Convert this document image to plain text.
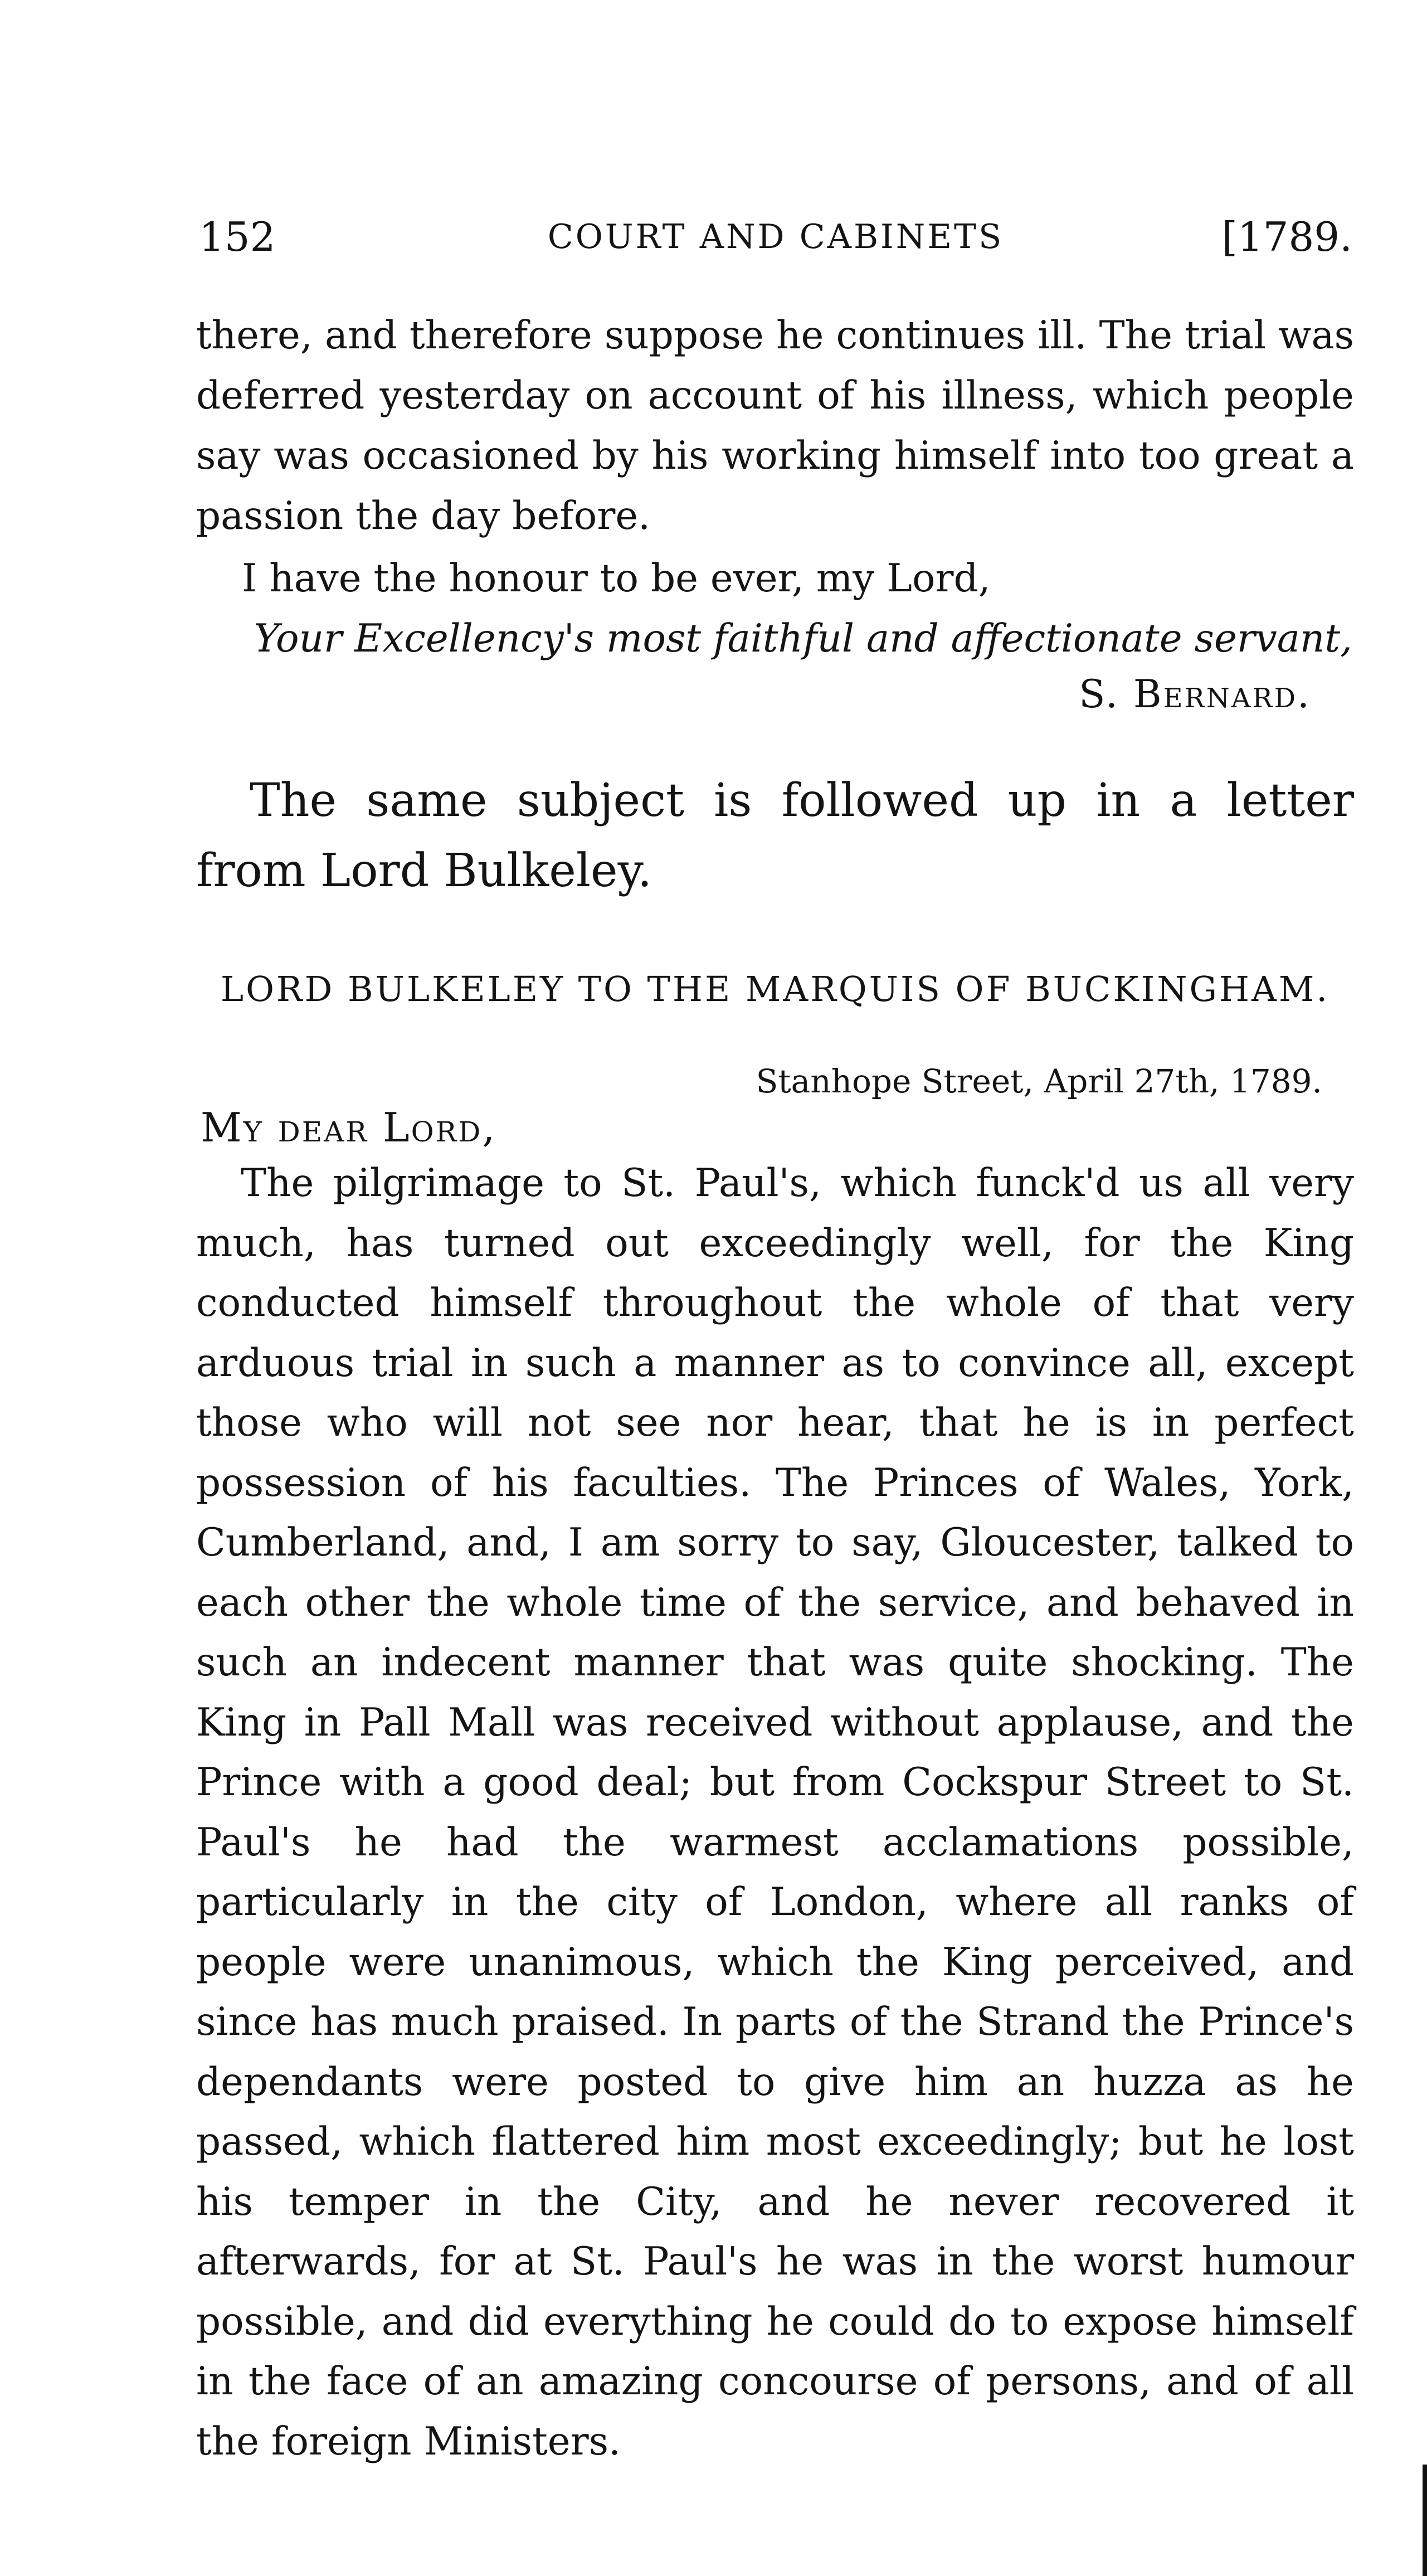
152	COURT AND CABINETS	[1789.

there, and therefore suppose he continues ill. The trial was deferred yesterday on account of his illness, which people say was occasioned by his working himself into too great a passion the day before.

I have the honour to be ever, my Lord,
Your Excellency's most faithful and affectionate servant,
S. Bernard.

The same subject is followed up in a letter from Lord Bulkeley.

LORD BULKELEY TO THE MARQUIS OF BUCKINGHAM.
Stanhope Street, April 27th, 1789.
My dear Lord,

The pilgrimage to St. Paul's, which funck'd us all very much, has turned out exceedingly well, for the King conducted himself throughout the whole of that very arduous trial in such a manner as to convince all, except those who will not see nor hear, that he is in perfect possession of his faculties. The Princes of Wales, York, Cumberland, and, I am sorry to say, Gloucester, talked to each other the whole time of the service, and behaved in such an indecent manner that was quite shocking. The King in Pall Mall was received without applause, and the Prince with a good deal; but from Cockspur Street to St. Paul's he had the warmest acclamations possible, particularly in the city of London, where all ranks of people were unanimous, which the King perceived, and since has much praised. In parts of the Strand the Prince's dependants were posted to give him an huzza as he passed, which flattered him most exceedingly; but he lost his temper in the City, and he never recovered it afterwards, for at St. Paul's he was in the worst humour possible, and did everything he could do to expose himself in the face of an amazing concourse of persons, and of all the foreign Ministers.
